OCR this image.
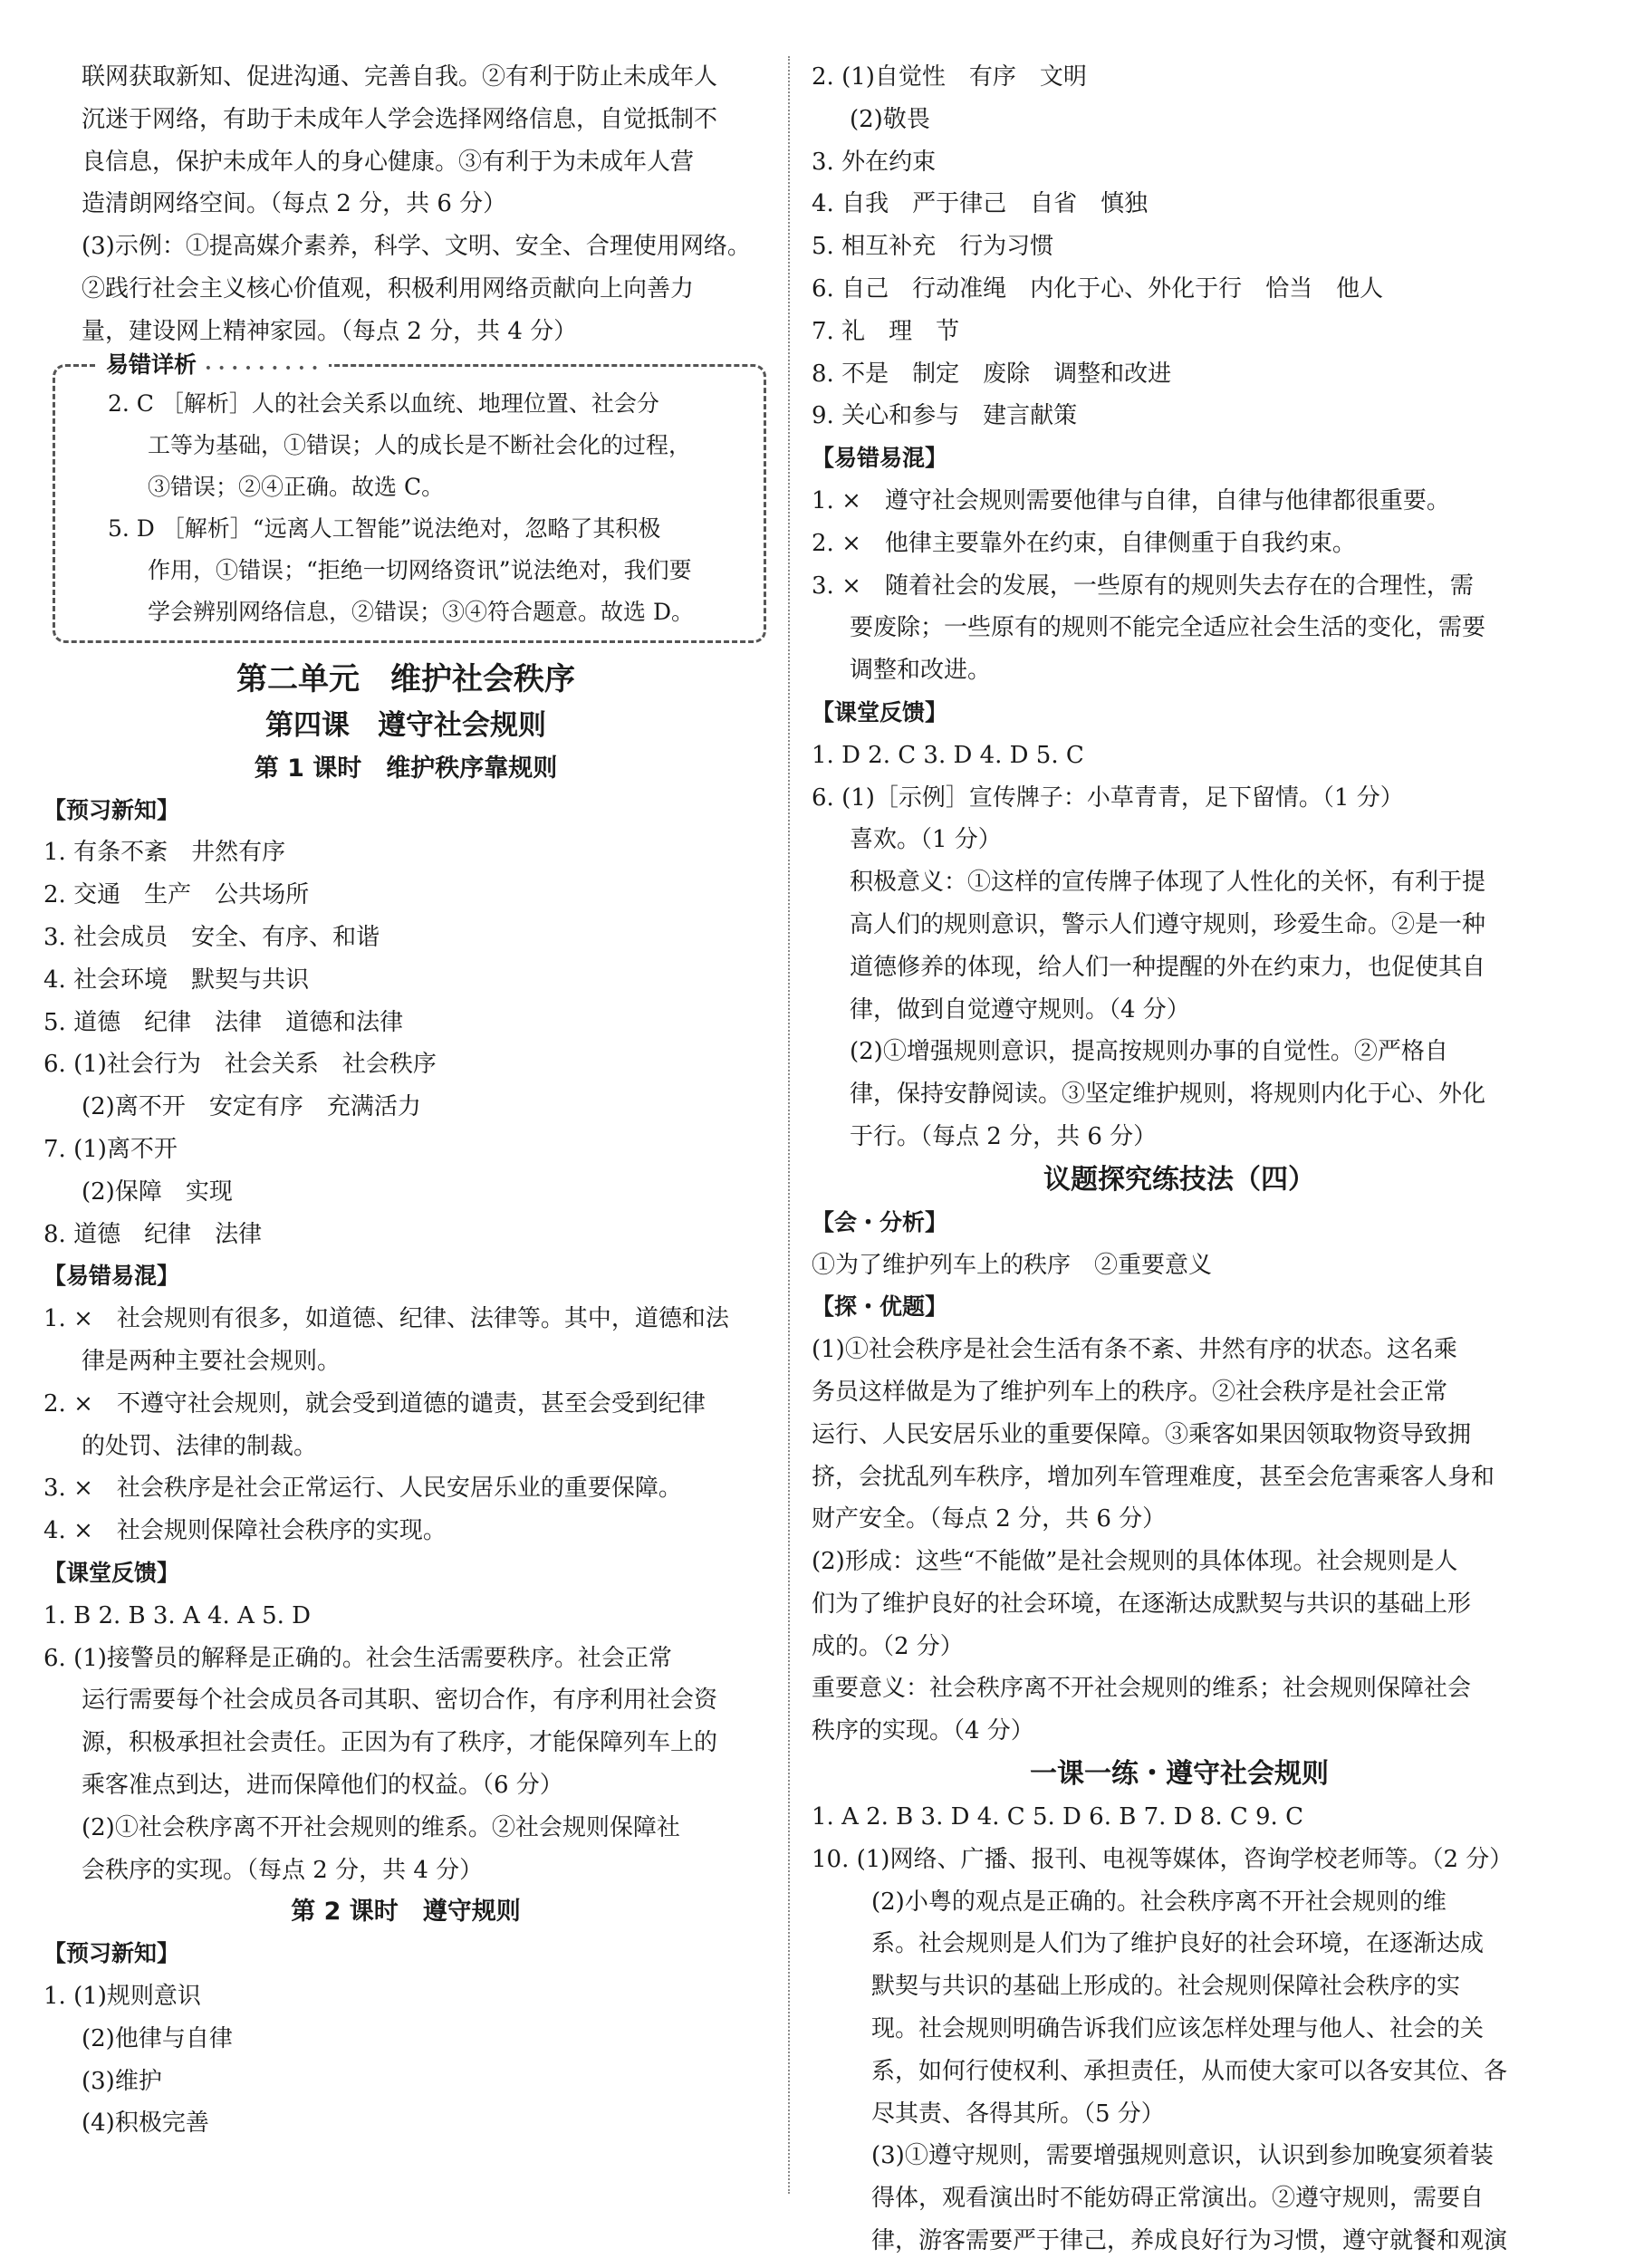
联网获取新知、促进沟通、完善自我。②有利于防止未成年人
沉迷于网络，有助于未成年人学会选择网络信息，自觉抵制不
良信息，保护未成年人的身心健康。③有利于为未成年人营
造清朗网络空间。（每点 2 分，共 6 分）
(3)示例：①提高媒介素养，科学、文明、安全、合理使用网络。
②践行社会主义核心价值观，积极利用网络贡献向上向善力
量，建设网上精神家园。（每点 2 分，共 4 分）
易错详析 • • • • • • • • •
2. C ［解析］人的社会关系以血统、地理位置、社会分
工等为基础，①错误；人的成长是不断社会化的过程，
③错误；②④正确。故选 C。
5. D ［解析］“远离人工智能”说法绝对，忽略了其积极
作用，①错误；“拒绝一切网络资讯”说法绝对，我们要
学会辨别网络信息，②错误；③④符合题意。故选 D。
第二单元　维护社会秩序
第四课　遵守社会规则
第 1 课时　维护秩序靠规则
【预习新知】
1. 有条不紊　井然有序
2. 交通　生产　公共场所
3. 社会成员　安全、有序、和谐
4. 社会环境　默契与共识
5. 道德　纪律　法律　道德和法律
6. (1)社会行为　社会关系　社会秩序
(2)离不开　安定有序　充满活力
7. (1)离不开
(2)保障　实现
8. 道德　纪律　法律
【易错易混】
1. ×　社会规则有很多，如道德、纪律、法律等。其中，道德和法
律是两种主要社会规则。
2. ×　不遵守社会规则，就会受到道德的谴责，甚至会受到纪律
的处罚、法律的制裁。
3. ×　社会秩序是社会正常运行、人民安居乐业的重要保障。
4. ×　社会规则保障社会秩序的实现。
【课堂反馈】
1. B 2. B 3. A 4. A 5. D
6. (1)接警员的解释是正确的。社会生活需要秩序。社会正常
运行需要每个社会成员各司其职、密切合作，有序利用社会资
源，积极承担社会责任。正因为有了秩序，才能保障列车上的
乘客准点到达，进而保障他们的权益。（6 分）
(2)①社会秩序离不开社会规则的维系。②社会规则保障社
会秩序的实现。（每点 2 分，共 4 分）
第 2 课时　遵守规则
【预习新知】
1. (1)规则意识
(2)他律与自律
(3)维护
(4)积极完善
2. (1)自觉性　有序　文明
(2)敬畏
3. 外在约束
4. 自我　严于律己　自省　慎独
5. 相互补充　行为习惯
6. 自己　行动准绳　内化于心、外化于行　恰当　他人
7. 礼　理　节
8. 不是　制定　废除　调整和改进
9. 关心和参与　建言献策
【易错易混】
1. ×　遵守社会规则需要他律与自律，自律与他律都很重要。
2. ×　他律主要靠外在约束，自律侧重于自我约束。
3. ×　随着社会的发展，一些原有的规则失去存在的合理性，需
要废除；一些原有的规则不能完全适应社会生活的变化，需要
调整和改进。
【课堂反馈】
1. D 2. C 3. D 4. D 5. C
6. (1)［示例］宣传牌子：小草青青，足下留情。（1 分）
喜欢。（1 分）
积极意义：①这样的宣传牌子体现了人性化的关怀，有利于提
高人们的规则意识，警示人们遵守规则，珍爱生命。②是一种
道德修养的体现，给人们一种提醒的外在约束力，也促使其自
律，做到自觉遵守规则。（4 分）
(2)①增强规则意识，提高按规则办事的自觉性。②严格自
律，保持安静阅读。③坚定维护规则，将规则内化于心、外化
于行。（每点 2 分，共 6 分）
议题探究练技法（四）
【会・分析】
①为了维护列车上的秩序　②重要意义
【探・优题】
(1)①社会秩序是社会生活有条不紊、井然有序的状态。这名乘
务员这样做是为了维护列车上的秩序。②社会秩序是社会正常
运行、人民安居乐业的重要保障。③乘客如果因领取物资导致拥
挤，会扰乱列车秩序，增加列车管理难度，甚至会危害乘客人身和
财产安全。（每点 2 分，共 6 分）
(2)形成：这些“不能做”是社会规则的具体体现。社会规则是人
们为了维护良好的社会环境，在逐渐达成默契与共识的基础上形
成的。（2 分）
重要意义：社会秩序离不开社会规则的维系；社会规则保障社会
秩序的实现。（4 分）
一课一练・遵守社会规则
1. A 2. B 3. D 4. C 5. D 6. B 7. D 8. C 9. C
10. (1)网络、广播、报刊、电视等媒体，咨询学校老师等。（2 分）
(2)小粤的观点是正确的。社会秩序离不开社会规则的维
系。社会规则是人们为了维护良好的社会环境，在逐渐达成
默契与共识的基础上形成的。社会规则保障社会秩序的实
现。社会规则明确告诉我们应该怎样处理与他人、社会的关
系，如何行使权利、承担责任，从而使大家可以各安其位、各
尽其责、各得其所。（5 分）
(3)①遵守规则，需要增强规则意识，认识到参加晚宴须着装
得体，观看演出时不能妨碍正常演出。②遵守规则，需要自
律，游客需要严于律己，养成良好行为习惯，遵守就餐和观演
